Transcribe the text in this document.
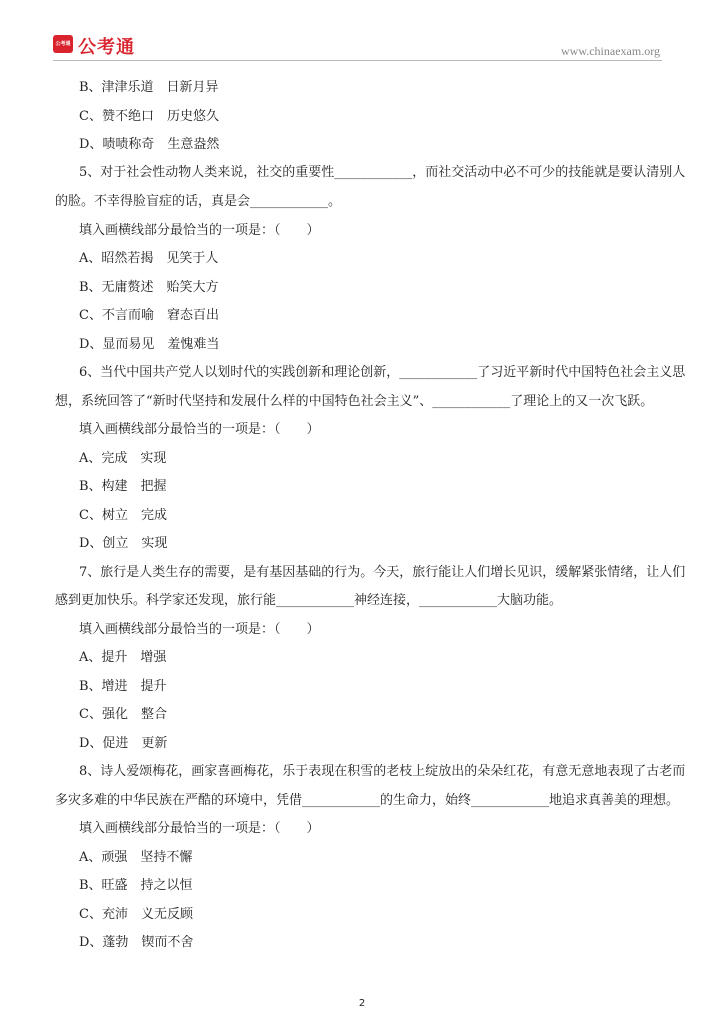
公考通 公考通	www.chinaexam.org
B、津津乐道　日新月异
C、赞不绝口　历史悠久
D、啧啧称奇　生意盎然
5、对于社会性动物人类来说，社交的重要性____________，而社交活动中必不可少的技能就是要认清别人
的脸。不幸得脸盲症的话，真是会____________。
填入画横线部分最恰当的一项是：（　　）
A、昭然若揭　见笑于人
B、无庸赘述　贻笑大方
C、不言而喻　窘态百出
D、显而易见　羞愧难当
6、当代中国共产党人以划时代的实践创新和理论创新，____________了习近平新时代中国特色社会主义思
想，系统回答了“新时代坚持和发展什么样的中国特色社会主义”、____________了理论上的又一次飞跃。
填入画横线部分最恰当的一项是：（　　）
A、完成　实现
B、构建　把握
C、树立　完成
D、创立　实现
7、旅行是人类生存的需要，是有基因基础的行为。今天，旅行能让人们增长见识，缓解紧张情绪，让人们
感到更加快乐。科学家还发现，旅行能____________神经连接，____________大脑功能。
填入画横线部分最恰当的一项是：（　　）
A、提升　增强
B、增进　提升
C、强化　整合
D、促进　更新
8、诗人爱颂梅花，画家喜画梅花，乐于表现在积雪的老枝上绽放出的朵朵红花，有意无意地表现了古老而
多灾多难的中华民族在严酷的环境中，凭借____________的生命力，始终____________地追求真善美的理想。
填入画横线部分最恰当的一项是：（　　）
A、顽强　坚持不懈
B、旺盛　持之以恒
C、充沛　义无反顾
D、蓬勃　锲而不舍
2
